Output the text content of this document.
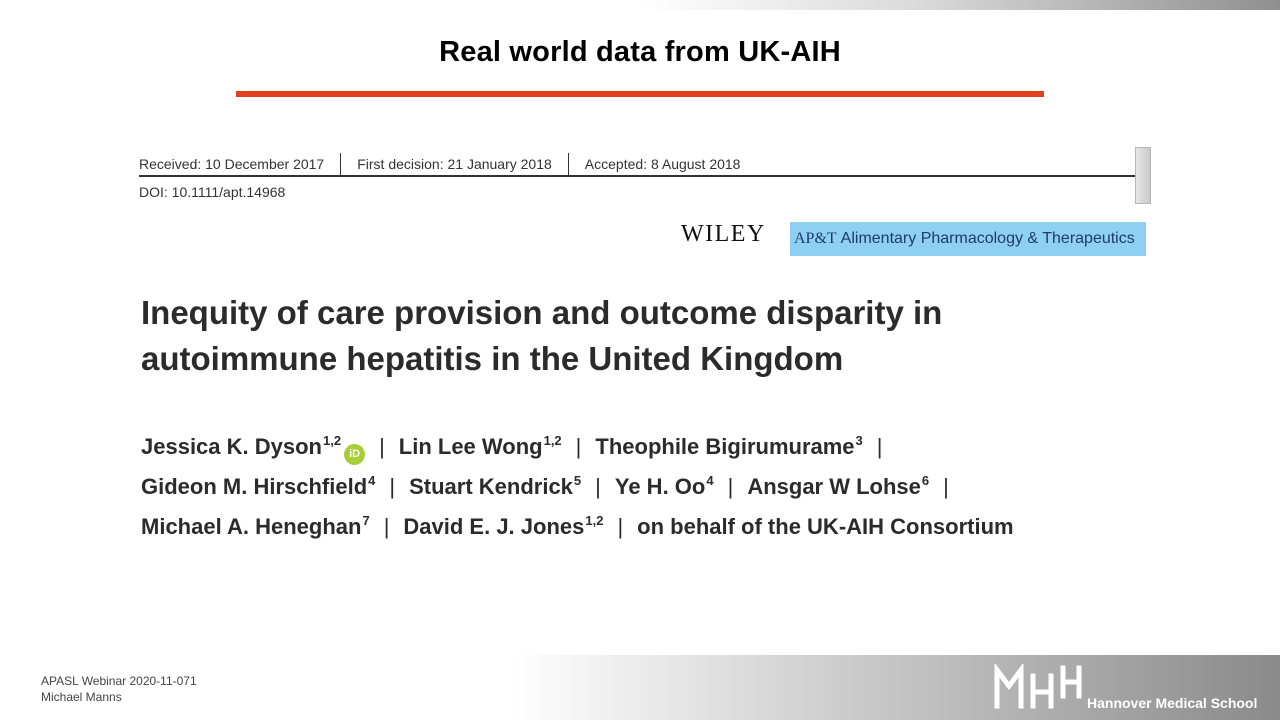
Real world data from UK-AIH
Received: 10 December 2017 First decision: 21 January 2018 Accepted: 8 August 2018
DOI: 10.1111/apt.14968
WILEY AP&T Alimentary Pharmacology & Therapeutics
Inequity of care provision and outcome disparity in
autoimmune hepatitis in the United Kingdom
Jessica K. Dyson$^{1,2}$iD | Lin Lee Wong$^{1,2}$ | Theophile Bigirumurame$^3$ |
Gideon M. Hirschfield$^4$ | Stuart Kendrick$^5$ | Ye H. Oo$^4$ | Ansgar W Lohse$^6$ |
Michael A. Heneghan$^7$ | David E. J. Jones$^{1,2}$ | on behalf of the UK-AIH Consortium
APASL Webinar 2020-11-071
Michael Manns	Hannover Medical School
